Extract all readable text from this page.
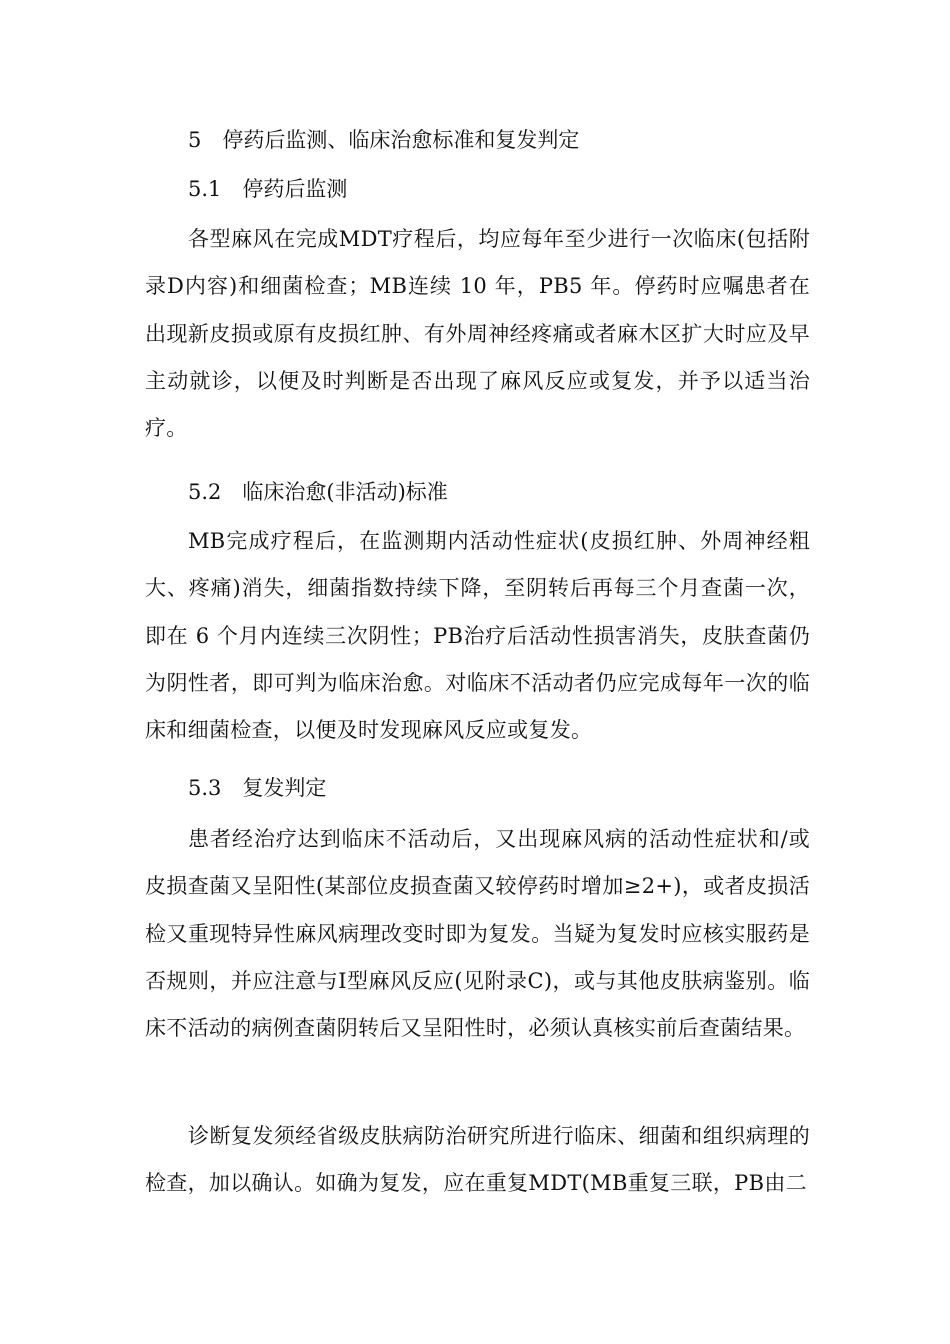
5　停药后监测、临床治愈标准和复发判定
5.1　停药后监测

各型麻风在完成MDT疗程后，均应每年至少进行一次临床(包括附录D内容)和细菌检查；MB连续 10 年，PB5 年。停药时应嘱患者在出现新皮损或原有皮损红肿、有外周神经疼痛或者麻木区扩大时应及早主动就诊，以便及时判断是否出现了麻风反应或复发，并予以适当治疗。

5.2　临床治愈(非活动)标准

MB完成疗程后，在监测期内活动性症状(皮损红肿、外周神经粗大、疼痛)消失，细菌指数持续下降，至阴转后再每三个月查菌一次，即在 6 个月内连续三次阴性；PB治疗后活动性损害消失，皮肤查菌仍为阴性者，即可判为临床治愈。对临床不活动者仍应完成每年一次的临床和细菌检查，以便及时发现麻风反应或复发。

5.3　复发判定

患者经治疗达到临床不活动后，又出现麻风病的活动性症状和/或皮损查菌又呈阳性(某部位皮损查菌又较停药时增加≥2+)，或者皮损活检又重现特异性麻风病理改变时即为复发。当疑为复发时应核实服药是否规则，并应注意与I型麻风反应(见附录C)，或与其他皮肤病鉴别。临床不活动的病例查菌阴转后又呈阳性时，必须认真核实前后查菌结果。

诊断复发须经省级皮肤病防治研究所进行临床、细菌和组织病理的检查，加以确认。如确为复发，应在重复MDT(MB重复三联，PB由二
